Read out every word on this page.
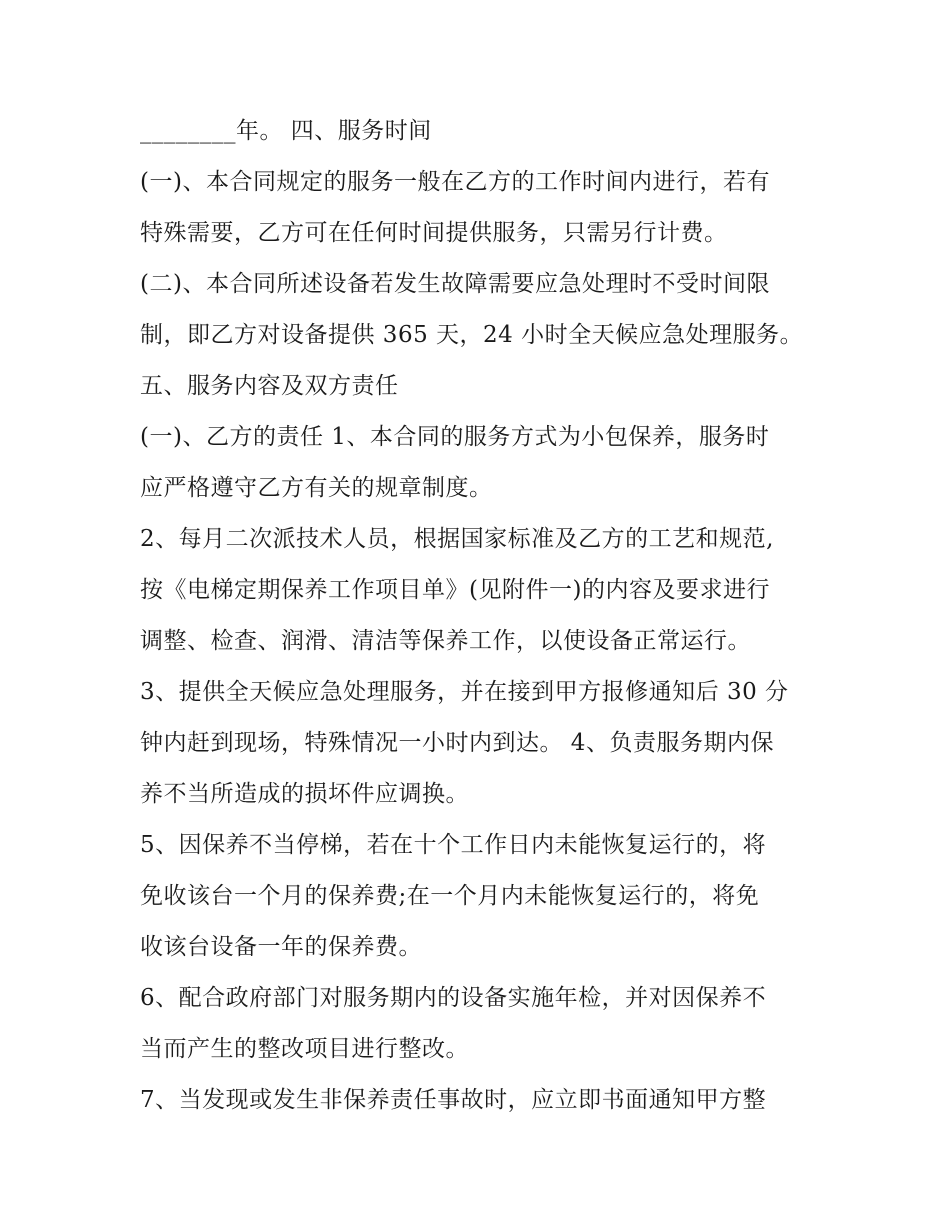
________年。 四、服务时间

(一)、本合同规定的服务一般在乙方的工作时间内进行，若有

特殊需要，乙方可在任何时间提供服务，只需另行计费。

(二)、本合同所述设备若发生故障需要应急处理时不受时间限

制，即乙方对设备提供 365 天，24 小时全天候应急处理服务。

五、服务内容及双方责任

(一)、乙方的责任 1、本合同的服务方式为小包保养，服务时

应严格遵守乙方有关的规章制度。

2、每月二次派技术人员，根据国家标准及乙方的工艺和规范,

按《电梯定期保养工作项目单》(见附件一)的内容及要求进行

调整、检查、润滑、清洁等保养工作，以使设备正常运行。

3、提供全天候应急处理服务，并在接到甲方报修通知后 30 分

钟内赶到现场，特殊情况一小时内到达。 4、负责服务期内保

养不当所造成的损坏件应调换。

5、因保养不当停梯，若在十个工作日内未能恢复运行的，将

免收该台一个月的保养费;在一个月内未能恢复运行的，将免

收该台设备一年的保养费。

6、配合政府部门对服务期内的设备实施年检，并对因保养不

当而产生的整改项目进行整改。

7、当发现或发生非保养责任事故时，应立即书面通知甲方整
